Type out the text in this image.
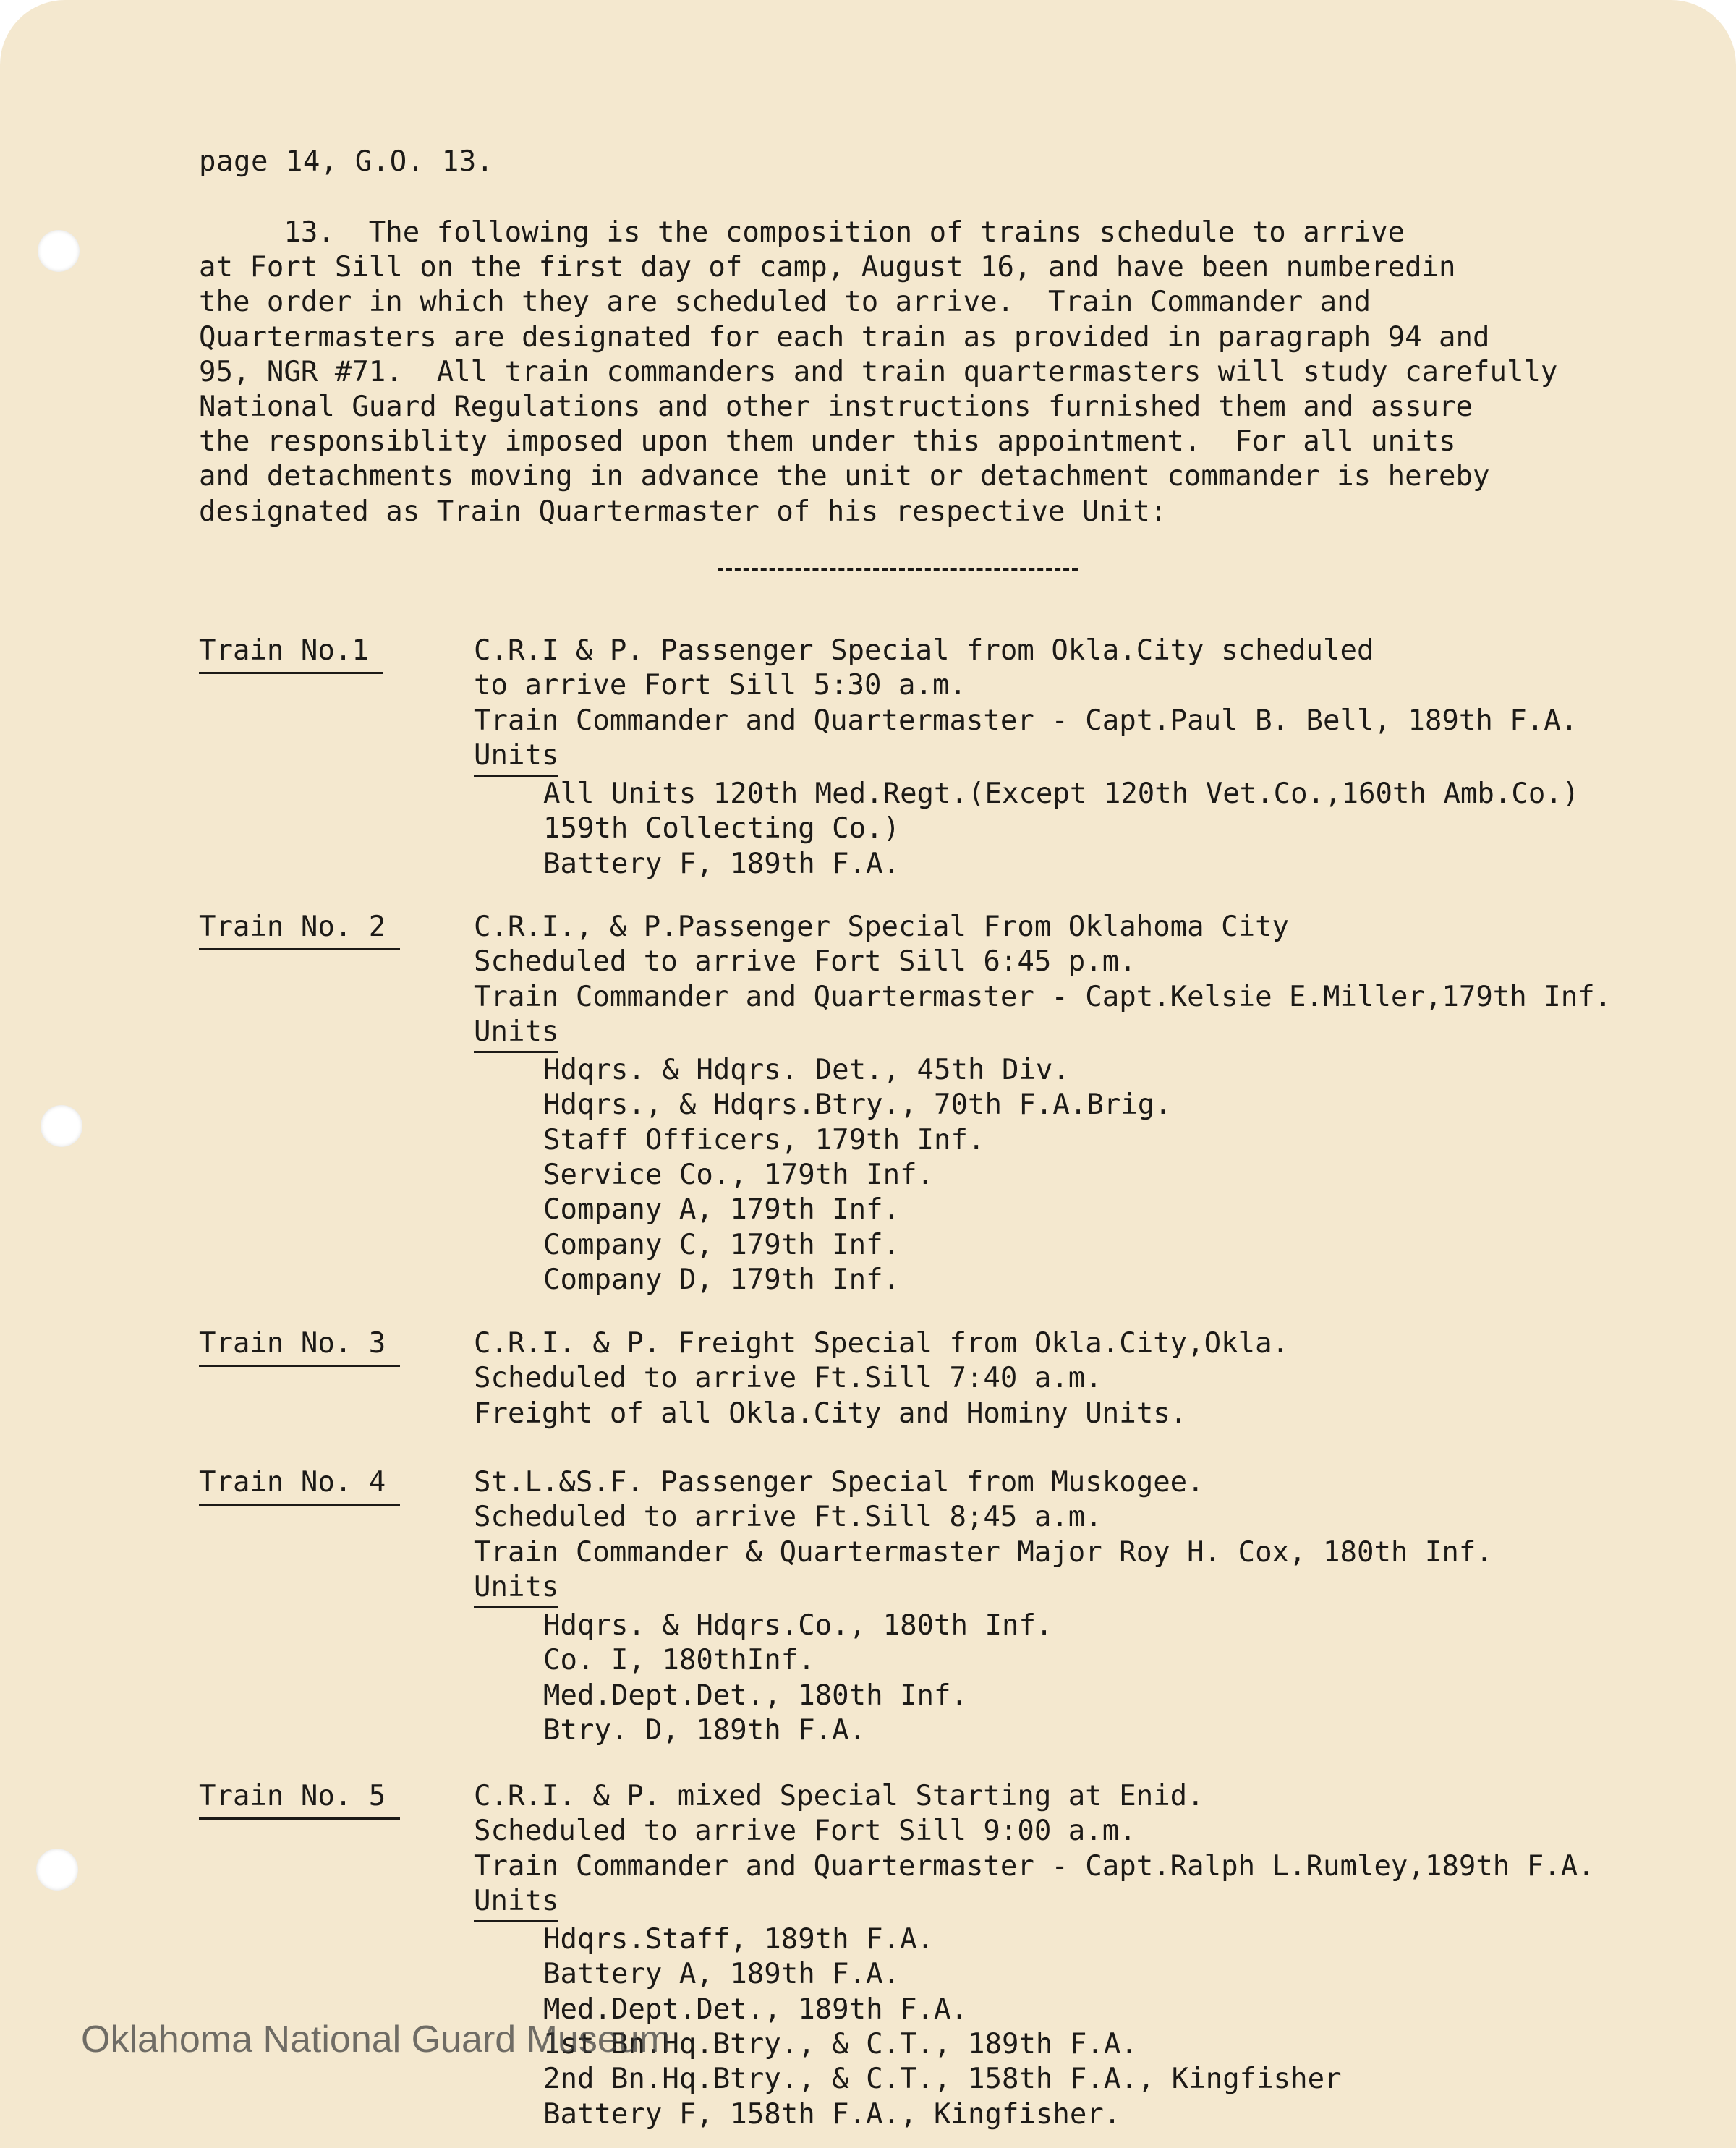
page 14, G.O. 13.
13.  The following is the composition of trains schedule to arrive
at Fort Sill on the first day of camp, August 16, and have been numberedin
the order in which they are scheduled to arrive.  Train Commander and
Quartermasters are designated for each train as provided in paragraph 94 and
95, NGR #71.  All train commanders and train quartermasters will study carefully
National Guard Regulations and other instructions furnished them and assure
the responsiblity imposed upon them under this appointment.  For all units
and detachments moving in advance the unit or detachment commander is hereby
designated as Train Quartermaster of his respective Unit:
Train No.1	C.R.I & P. Passenger Special from Okla.City scheduled
to arrive Fort Sill 5:30 a.m.
Train Commander and Quartermaster - Capt.Paul B. Bell, 189th F.A.
Units
All Units 120th Med.Regt.(Except 120th Vet.Co.,160th Amb.Co.)
159th Collecting Co.)
Battery F, 189th F.A.
Train No. 2	C.R.I., & P.Passenger Special From Oklahoma City
Scheduled to arrive Fort Sill 6:45 p.m.
Train Commander and Quartermaster - Capt.Kelsie E.Miller,179th Inf.
Units
Hdqrs. & Hdqrs. Det., 45th Div.
Hdqrs., & Hdqrs.Btry., 70th F.A.Brig.
Staff Officers, 179th Inf.
Service Co., 179th Inf.
Company A, 179th Inf.
Company C, 179th Inf.
Company D, 179th Inf.
Train No. 3	C.R.I. & P. Freight Special from Okla.City,Okla.
Scheduled to arrive Ft.Sill 7:40 a.m.
Freight of all Okla.City and Hominy Units.
Train No. 4	St.L.&S.F. Passenger Special from Muskogee.
Scheduled to arrive Ft.Sill 8;45 a.m.
Train Commander & Quartermaster Major Roy H. Cox, 180th Inf.
Units
Hdqrs. & Hdqrs.Co., 180th Inf.
Co. I, 180thInf.
Med.Dept.Det., 180th Inf.
Btry. D, 189th F.A.
Train No. 5	C.R.I. & P. mixed Special Starting at Enid.
Scheduled to arrive Fort Sill 9:00 a.m.
Train Commander and Quartermaster - Capt.Ralph L.Rumley,189th F.A.
Units
Hdqrs.Staff, 189th F.A.
Battery A, 189th F.A.
Med.Dept.Det., 189th F.A.
1st Bn.Hq.Btry., & C.T., 189th F.A.
2nd Bn.Hq.Btry., & C.T., 158th F.A., Kingfisher
Battery F, 158th F.A., Kingfisher.
Oklahoma National Guard Museum
